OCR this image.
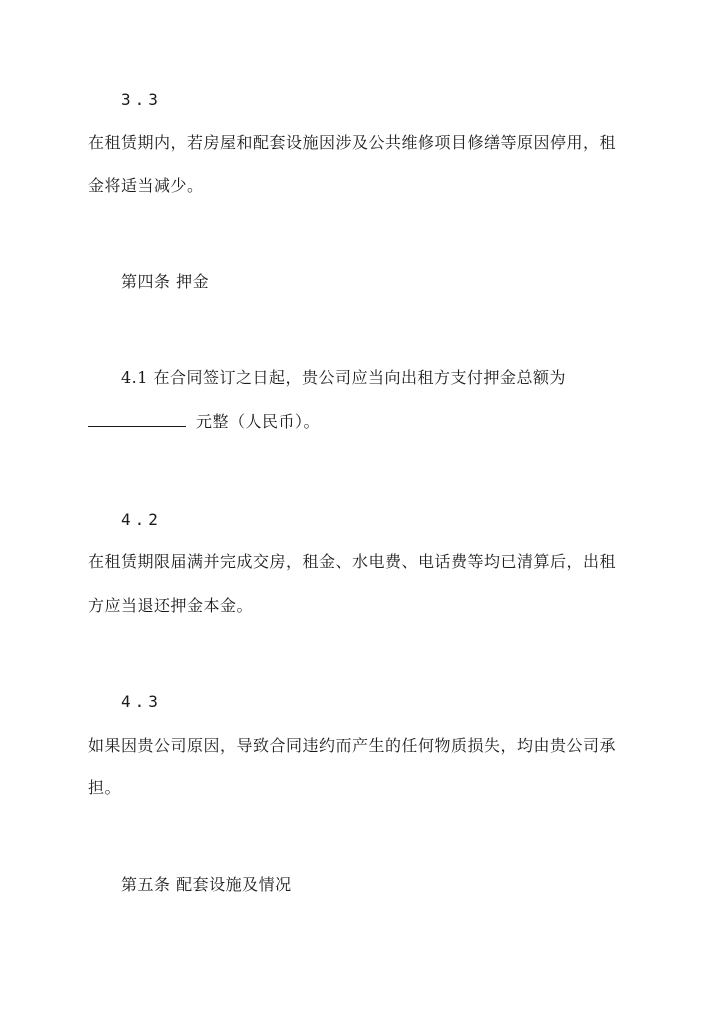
3.3
在租赁期内，若房屋和配套设施因涉及公共维修项目修缮等原因停用，租
金将适当减少。
第四条 押金
4.1 在合同签订之日起，贵公司应当向出租方支付押金总额为
元整（人民币）。
4.2
在租赁期限届满并完成交房，租金、水电费、电话费等均已清算后，出租
方应当退还押金本金。
4.3
如果因贵公司原因，导致合同违约而产生的任何物质损失，均由贵公司承
担。
第五条 配套设施及情况
